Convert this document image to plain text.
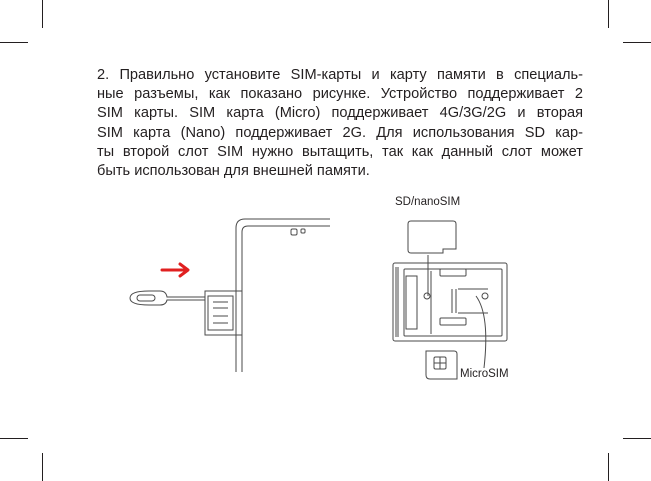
2. Правильно установите SIM-карты и карту памяти в специаль-
ные разъемы, как показано рисунке. Устройство поддерживает 2
SIM карты. SIM карта (Micro) поддерживает 4G/3G/2G и вторая
SIM карта (Nano) поддерживает 2G. Для использования SD кар-
ты второй слот SIM нужно вытащить, так как данный слот может
быть использован для внешней памяти.

SD/nanoSIM
MicroSIM
